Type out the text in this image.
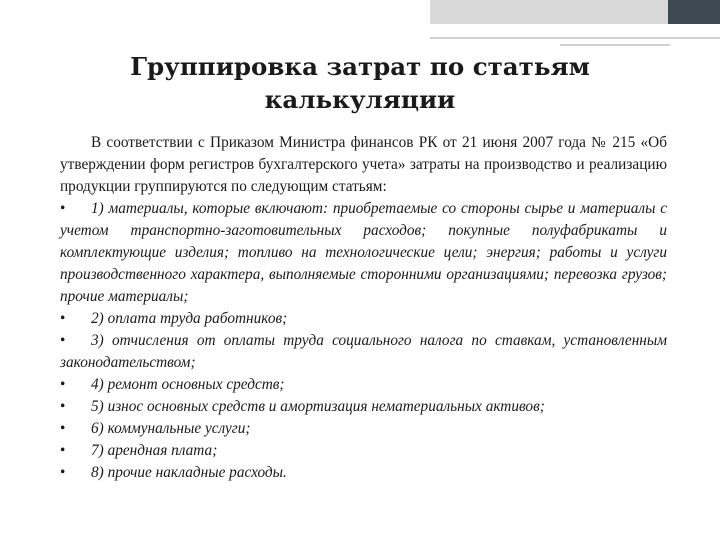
Группировка затрат по статьям
калькуляции

В соответствии с Приказом Министра финансов РК от 21 июня 2007 года № 215 «Об утверждении форм регистров бухгалтерского учета» затраты на производство и реализацию продукции группируются по следующим статьям:

• 1) материалы, которые включают: приобретаемые со стороны сырье и материалы с учетом транспортно-заготовительных расходов; покупные полуфабрикаты и комплектующие изделия; топливо на технологические цели; энергия; работы и услуги производственного характера, выполняемые сторонними организациями; перевозка грузов; прочие материалы;

• 2) оплата труда работников;

• 3) отчисления от оплаты труда социального налога по ставкам, установленным законодательством;

• 4) ремонт основных средств;

• 5) износ основных средств и амортизация нематериальных активов;

• 6) коммунальные услуги;

• 7) арендная плата;

• 8) прочие накладные расходы.
